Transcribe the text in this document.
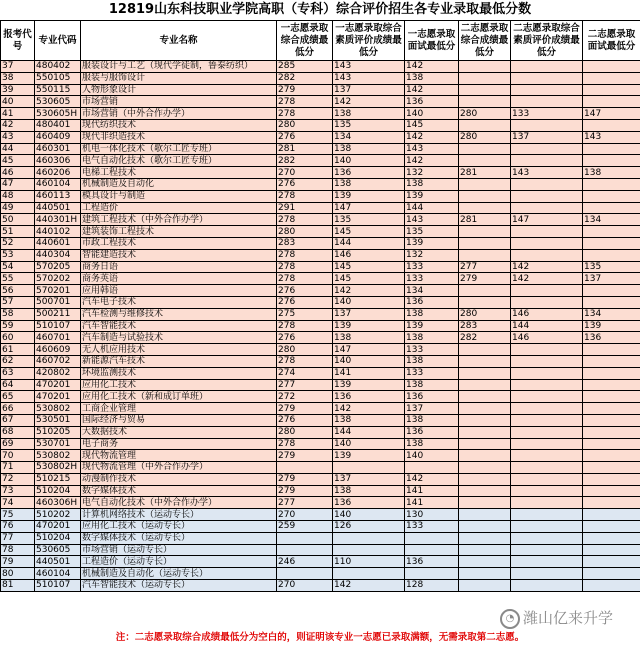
12819山东科技职业学院高职（专科）综合评价招生各专业录取最低分数
报考代号	专业代码	专业名称	一志愿录取综合成绩最低分	一志愿录取综合素质评价成绩最低分	一志愿录取面试最低分	二志愿录取综合成绩最低分	二志愿录取综合素质评价成绩最低分	二志愿录取面试最低分
37	480402	服装设计与工艺（现代学徒制，鲁泰纺织）	285	143	142			
38	550105	服装与服饰设计	282	143	138			
39	550115	人物形象设计	279	137	142			
40	530605	市场营销	278	142	136			
41	530605H	市场营销（中外合作办学）	278	138	140	280	133	147
42	480401	现代纺织技术	280	135	145			
43	460409	现代非织造技术	276	134	142	280	137	143
44	460301	机电一体化技术（歌尔工匠专班）	281	138	143			
45	460306	电气自动化技术（歌尔工匠专班）	282	140	142			
46	460206	电梯工程技术	270	136	132	281	143	138
47	460104	机械制造及自动化	276	138	138			
48	460113	模具设计与制造	278	139	139			
49	440501	工程造价	291	147	144			
50	440301H	建筑工程技术（中外合作办学）	278	135	143	281	147	134
51	440102	建筑装饰工程技术	280	145	135			
52	440601	市政工程技术	283	144	139			
53	440304	智能建造技术	278	146	132			
54	570205	商务日语	278	145	133	277	142	135
55	570202	商务英语	278	145	133	279	142	137
56	570201	应用韩语	276	142	134			
57	500701	汽车电子技术	276	140	136			
58	500211	汽车检测与维修技术	275	137	138	280	146	134
59	510107	汽车智能技术	278	139	139	283	144	139
60	460701	汽车制造与试验技术	276	138	138	282	146	136
61	460609	无人机应用技术	280	147	133			
62	460702	新能源汽车技术	278	140	138			
63	420802	环境监测技术	274	141	133			
64	470201	应用化工技术	277	139	138			
65	470201	应用化工技术（新和成订单班）	272	136	136			
66	530802	工商企业管理	279	142	137			
67	530501	国际经济与贸易	276	138	138			
68	510205	大数据技术	280	144	136			
69	530701	电子商务	278	140	138			
70	530802	现代物流管理	279	139	140			
71	530802H	现代物流管理（中外合作办学）						
72	510215	动漫制作技术	279	137	142			
73	510204	数字媒体技术	279	138	141			
74	460306H	电气自动化技术（中外合作办学）	277	136	141			
75	510202	计算机网络技术（运动专长）	270	140	130			
76	470201	应用化工技术（运动专长）	259	126	133			
77	510204	数字媒体技术（运动专长）						
78	530605	市场营销（运动专长）						
79	440501	工程造价（运动专长）	246	110	136			
80	460104	机械制造及自动化（运动专长）						
81	510107	汽车智能技术（运动专长）	270	142	128			
注：二志愿录取综合成绩最低分为空白的，则证明该专业一志愿已录取满额，无需录取第二志愿。
◔ 潍山亿来升学
